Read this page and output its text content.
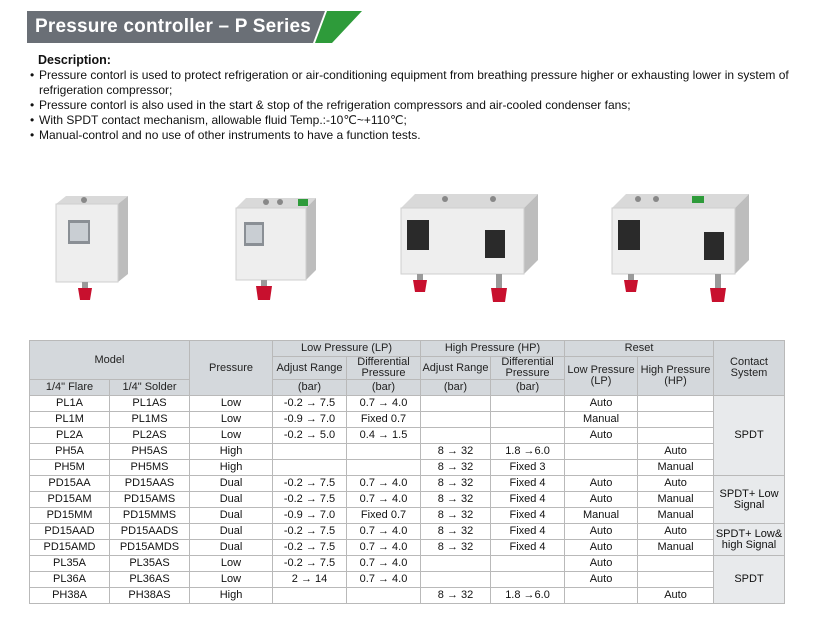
Pressure controller – P Series
Description:
• Pressure contorl is used to protect refrigeration or air-conditioning equipment from breathing pressure higher or exhausting lower in system of refrigeration compressor;
• Pressure contorl is also used in the start & stop of the refrigeration compressors and air-cooled condenser fans;
• With SPDT contact mechanism, allowable fluid Temp.:-10℃~+110℃;
• Manual-control and no use of other instruments to have a function tests.
Model		Pressure	Low Pressure (LP)		High Pressure (HP)		Reset		Contact System
			Adjust Range	Differential Pressure	Adjust Range	Differential Pressure	Low Pressure (LP)	High Pressure (HP)	
1/4" Flare	1/4" Solder		(bar)	(bar)	(bar)	(bar)			
PL1A	PL1AS	Low	-0.2 → 7.5	0.7 → 4.0			Auto		SPDT
PL1M	PL1MS	Low	-0.9 → 7.0	Fixed 0.7			Manual		
PL2A	PL2AS	Low	-0.2 → 5.0	0.4 → 1.5			Auto		
PH5A	PH5AS	High			8 → 32	1.8 →6.0		Auto	
PH5M	PH5MS	High			8 → 32	Fixed 3		Manual	
PD15AA	PD15AAS	Dual	-0.2 → 7.5	0.7 → 4.0	8 → 32	Fixed 4	Auto	Auto	SPDT+ Low Signal
PD15AM	PD15AMS	Dual	-0.2 → 7.5	0.7 → 4.0	8 → 32	Fixed 4	Auto	Manual	
PD15MM	PD15MMS	Dual	-0.9 → 7.0	Fixed 0.7	8 → 32	Fixed 4	Manual	Manual	
PD15AAD	PD15AADS	Dual	-0.2 → 7.5	0.7 → 4.0	8 → 32	Fixed 4	Auto	Auto	SPDT+ Low& high Signal
PD15AMD	PD15AMDS	Dual	-0.2 → 7.5	0.7 → 4.0	8 → 32	Fixed 4	Auto	Manual	
PL35A	PL35AS	Low	-0.2 → 7.5	0.7 → 4.0			Auto		SPDT
PL36A	PL36AS	Low	2 → 14	0.7 → 4.0			Auto		
PH38A	PH38AS	High			8 → 32	1.8 →6.0		Auto	
